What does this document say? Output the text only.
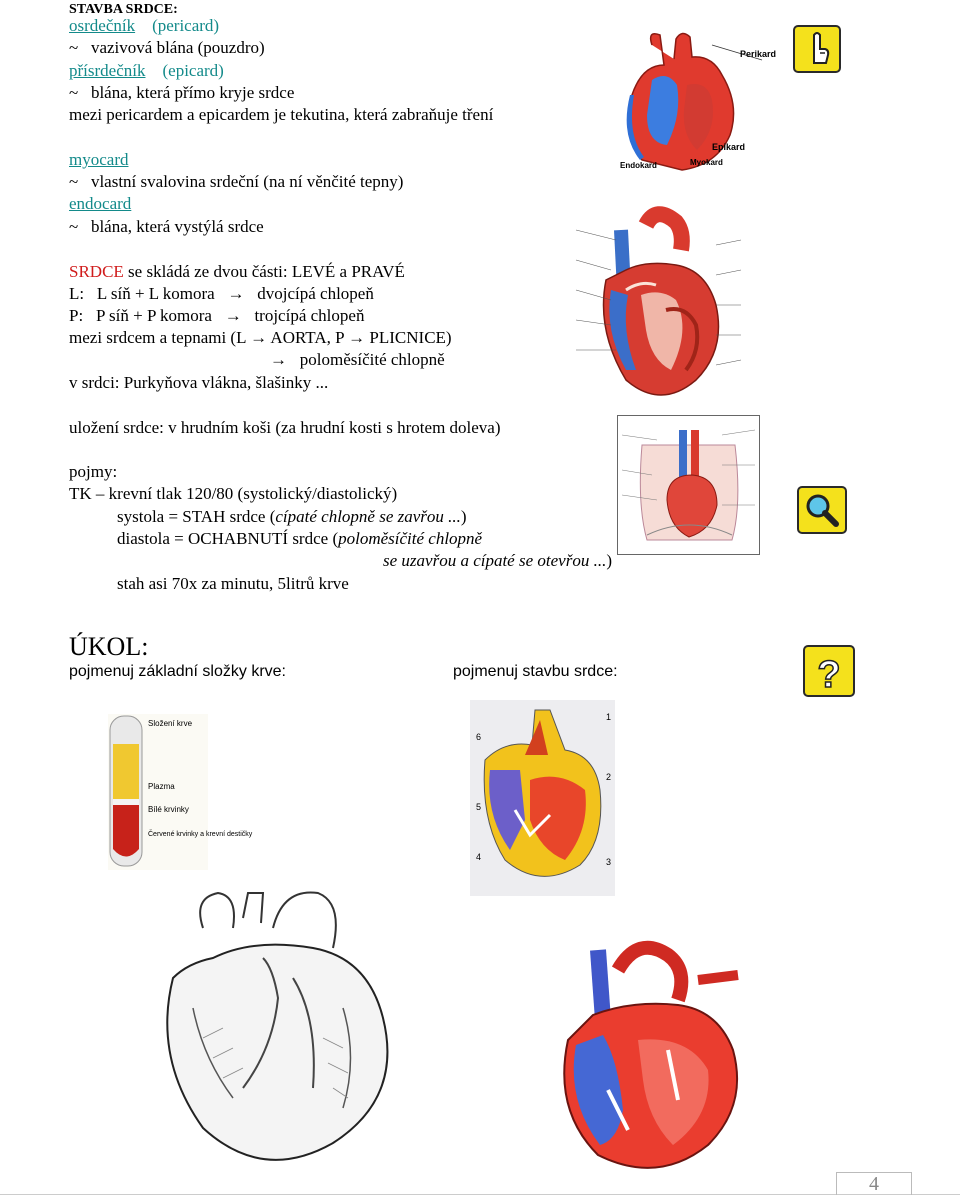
STAVBA SRDCE:
osrdečník (pericard)
~ vazivová blána (pouzdro)
přísrdečník (epicard)
~ blána, která přímo kryje srdce
mezi pericardem a epicardem je tekutina, která zabraňuje tření
myocard
~ vlastní svalovina srdeční (na ní věnčité tepny)
endocard
~ blána, která vystýlá srdce
SRDCE se skládá ze dvou části: LEVÉ a PRAVÉ
L: L síň + L komora → dvojcípá chlopeň
P: P síň + P komora → trojcípá chlopeň
mezi srdcem a tepnami (L → AORTA, P → PLICNICE)
→ poloměsíčité chlopně
v srdci: Purkyňova vlákna, šlašinky ...
uložení srdce: v hrudním koši (za hrudní kosti s hrotem doleva)
pojmy:
TK – krevní tlak 120/80 (systolický/diastolický)
systola = STAH srdce (cípaté chlopně se zavřou ...)
diastola = OCHABNUTÍ srdce (poloměsíčité chlopně
se uzavřou a cípaté se otevřou ...)
stah asi 70x za minutu, 5litrů krve
ÚKOL:
pojmenuj základní složky krve:	pojmenuj stavbu srdce:	?
Perikard
Epikard
Endokard	Myokard
Složení krve
Plazma
Bílé krvinky
Červené krvinky a krevní destičky
6
1
2
5
4	3
4
